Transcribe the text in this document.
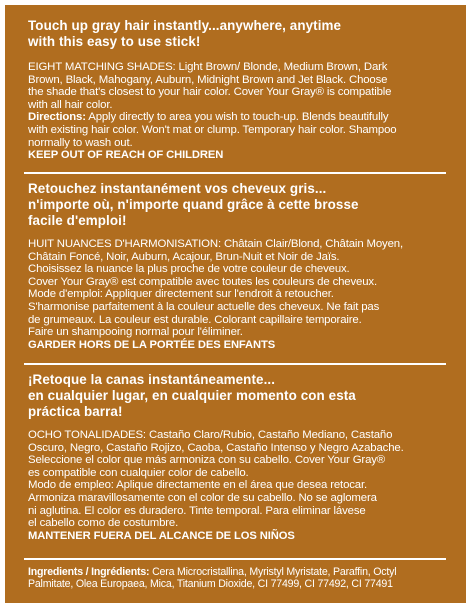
Touch up gray hair instantly...anywhere, anytime
with this easy to use stick!

EIGHT MATCHING SHADES: Light Brown/ Blonde, Medium Brown, Dark
Brown, Black, Mahogany, Auburn, Midnight Brown and Jet Black. Choose
the shade that's closest to your hair color. Cover Your Gray® is compatible
with all hair color.

Directions: Apply directly to area you wish to touch-up. Blends beautifully
with existing hair color. Won't mat or clump. Temporary hair color. Shampoo
normally to wash out.

KEEP OUT OF REACH OF CHILDREN

Retouchez instantanément vos cheveux gris...
n'importe où, n'importe quand grâce à cette brosse
facile d'emploi!

HUIT NUANCES D'HARMONISATION: Châtain Clair/Blond, Châtain Moyen,
Châtain Foncé, Noir, Auburn, Acajour, Brun-Nuit et Noir de Jaïs.
Choisissez la nuance la plus proche de votre couleur de cheveux.
Cover Your Gray® est compatible avec toutes les couleurs de cheveux.
Mode d'emploi: Appliquer directement sur l'endroit à retoucher.
S'harmonise parfaitement à la couleur actuelle des cheveux. Ne fait pas
de grumeaux. La couleur est durable. Colorant capillaire temporaire.
Faire un shampooing normal pour l'éliminer.

GARDER HORS DE LA PORTÉE DES ENFANTS

¡Retoque la canas instantáneamente...
en cualquier lugar, en cualquier momento con esta
práctica barra!

OCHO TONALIDADES: Castaño Claro/Rubio, Castaño Mediano, Castaño
Oscuro, Negro, Castaño Rojizo, Caoba, Castaño Intenso y Negro Azabache.
Seleccione el color que más armoniza con su cabello. Cover Your Gray®
es compatible con cualquier color de cabello.
Modo de empleo: Aplique directamente en el área que desea retocar.
Armoniza maravillosamente con el color de su cabello. No se aglomera
ni aglutina. El color es duradero. Tinte temporal. Para eliminar lávese
el cabello como de costumbre.

MANTENER FUERA DEL ALCANCE DE LOS NIÑOS

Ingredients / Ingrédients: Cera Microcristallina, Myristyl Myristate, Paraffin, Octyl
Palmitate, Olea Europaea, Mica, Titanium Dioxide, CI 77499, CI 77492, CI 77491
